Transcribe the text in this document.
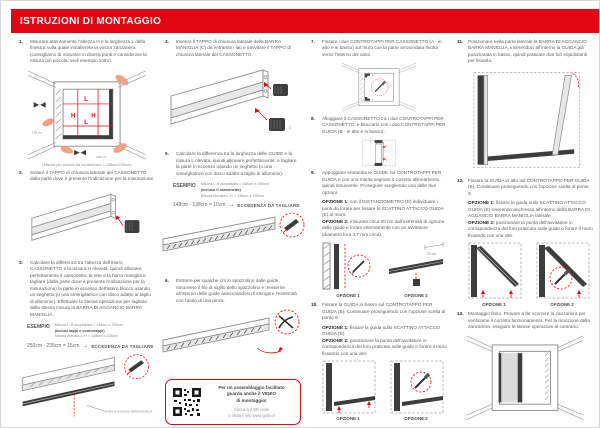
ISTRUZIONI DI MONTAGGIO
1.	Misurare attentamente l'altezza H e la larghezza L della finestra sulla quale installerete la vostra zanzariera. (consigliamo di misurare in diversi punti e considerare la misura più piccola, vedi esempio sotto).
L
H H
L
138 cm
235 cm
(Misura più piccola da considerare = 138cm/235cm)
2.	Svitare il TAPPO di chiusura laterale del CASSONETTO dalla parte dove è presente l'indicazione per la misurazione.
3.	Calcolare la differenza tra l'altezza dell'intero CASSONETTO e la misura H rilevata, quindi allineare perfettamente il cassonetto, la rete e la barra maniglia e tagliare (dalla parte dove è presente l'indicazione per la misurazione) la parte in eccesso dell'intero blocco usando un seghetto (o una smerigliatrice con disco adatto al taglio di alluminio). Effettuare la stessa operazione per tagliare della stessa misura la BARRA DI AGGANCIO BARRA MANIGLIA.
ESEMPIO Misura L-H acquistata = 148cm x 250cm
(inclusi tappi e controtappi)
Misura rilevata L-H = 138cm x 235cm
250cm - 235cm = 15cm →	ECCEDENZA DA TAGLIARE
BARRA DI AGGANCIO BARRA MANIGLIA
4.	Inserire il TAPPO di chiusura laterale della BARRA MANIGLIA (C) da entrambi i lati e riavvitare il TAPPO di chiusura laterale del CASSONETTO.
C
5.	Calcolare la differenza tra la larghezza delle GUIDE e la misura L rilevata, quindi allineare perfettamente, e tagliare la parte in eccesso usando un seghetto (o una smerigliatrice con disco adatto a taglio di alluminio).
ESEMPIO Misura L-H acquistata = 148cm x 250cm
(incluso il cassonetto)
Misura rilevata L-H = 138cm x 235cm
148cm - 138cm = 10cm →	ECCEDENZA DA TAGLIARE
6.	Estrarre per qualche cm lo spazzolino dalle guide, rimuovere il filo di sigillo dello spazzolino e reinserire all'interno delle guide assicurandosi di stringere l'estremità con l'aiuto di una pinza.
Per un assemblaggio facilitato
guarda anche il VIDEO
di montaggio!
Clicca sul QR code
o visita il sito www.grido.it
7.	Fissare i due CONTROTAPPI PER CASSONETTO (A - in alto e in basso) sul muro con la parte arrotondata rivolta verso l'interno del vano.
A
A
8.	Alloggiare il CASSONETTO tra i due CONTROTAPPI PER CASSONETTO, e bloccarlo con i due CONTROTAPPI PER GUIDA (B - in alto e in basso).
A
B
9.	Appoggiare entrambe le GUIDE sui CONTROTAPPI PER GUIDA e con una matita segnare il corretto allineamento, quindi rimuoverle. Proseguire scegliendo una delle due opzioni:
OPZIONE 1: con il DISTANZIOMETRO (D) individuare i punti da forare per fissare lo SCATTINO ATTACCO GUIDA (E) al muro.
OPZIONE 2: misurare circa 20 cm dall'estremità di ognuna delle guide e forare internamente con un avvitatore (diametro foro 3,7 mm circa).
20 cm
OPZIONE 1	OPZIONE 2
10. Fissare la GUIDA in basso sul CONTROTAPPO PER GUIDA (B). Continuare proseguendo con l'opzione scelta al punto 9.
OPZIONE 1: fissare la guida sullo SCATTINO ATTACCO GUIDA (E).
OPZIONE 2: posizionare la punta dell'avvitatore in corrispondenza del foro praticato sulle guide e forare il muro fissando con una vite.
OPZIONE 1	OPZIONE 2
11.	Posizionare nella parte laterale la BARRA DI AGGANCIO BARRA MANIGLIA, inserendoci all'interno la GUIDA già posizionata in basso, quindi praticare due fori equidistanti per fissarla.
12. Fissare la GUIDA in alto sul CONTROTAPPO PER GUIDA (B). Continuare proseguendo con l'opzione scelta al punto 9.
OPZIONE 1: fissare la guida sullo SCATTINO ATTACCO GUIDA (E) inserendo anch'essa all'interno della BARRA DI AGGANCIO BARRA MANIGLIA laterale.
OPZIONE 2: posizionare la punta dell'avvitatore in corrispondenza del foro praticato sulle guide e forare il muro fissando con una vite.
OPZIONE 1	OPZIONE 2
13. Montaggio finito. Provare a far scorrere la zanzariera per verificarne il corretto funzionamento. Per la rimozione della zanzariera, eseguire le stesse operazioni al contrario.
